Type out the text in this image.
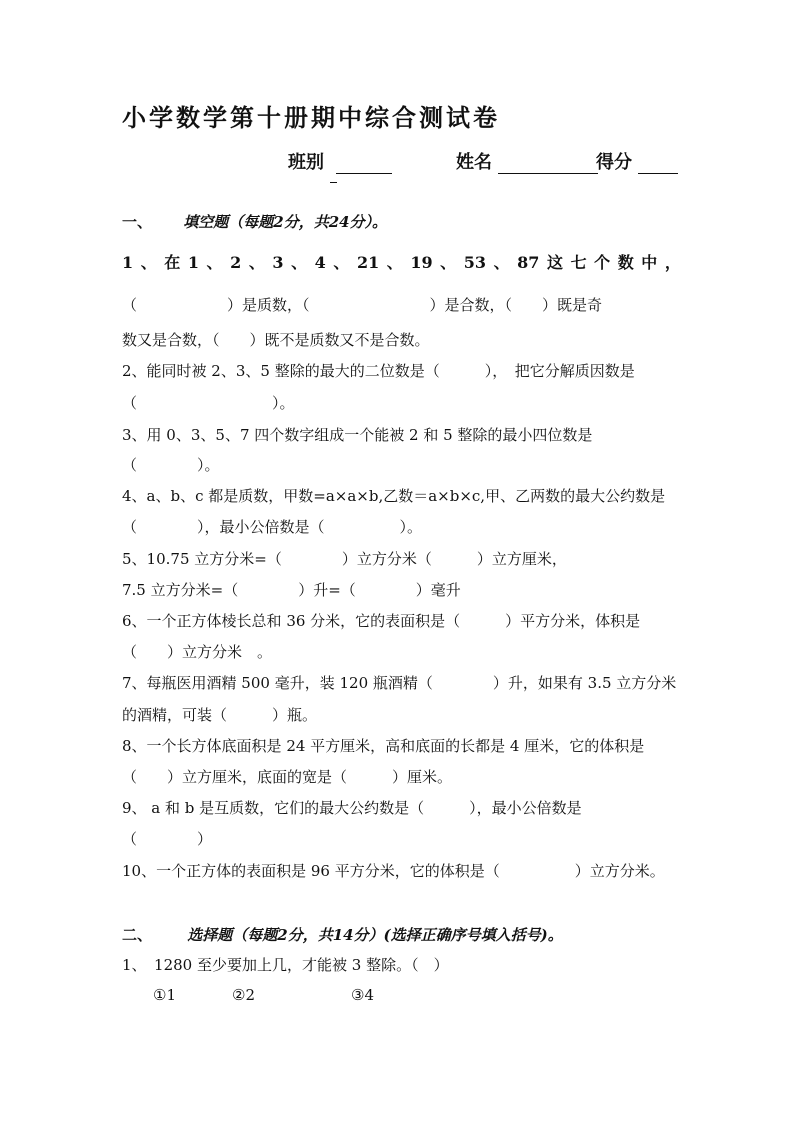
小学数学第十册期中综合测试卷
班别	姓名	得分
一、 填空题（每题2分，共24分）。
1 、 在 1 、 2 、 3 、 4 、 21 、 19 、 53 、 87 这 七 个 数 中 ，
（　　　　　　）是质数，（　　　　　　　　）是合数，（　　）既是奇
数又是合数，（　　）既不是质数又不是合数。
2、能同时被 2、3、5 整除的最大的二位数是（　　　），　把它分解质因数是
（　　　　　　　　　）。
3、用 0、3、5、7 四个数字组成一个能被 2 和 5 整除的最小四位数是
（　　　　）。
4、a、b、c 都是质数，甲数=a×a×b,乙数＝a×b×c,甲、乙两数的最大公约数是
（　　　　），最小公倍数是（　　　　　）。
5、10.75 立方分米=（　　　　）立方分米（　　　）立方厘米，
7.5 立方分米=（　　　　）升=（　　　　）毫升
6、一个正方体棱长总和 36 分米，它的表面积是（　　　）平方分米，体积是
（　　）立方分米　。
7、每瓶医用酒精 500 毫升，装 120 瓶酒精（　　　　）升，如果有 3.5 立方分米
的酒精，可装（　　　）瓶。
8、一个长方体底面积是 24 平方厘米，高和底面的长都是 4 厘米，它的体积是
（　　）立方厘米，底面的宽是（　　　）厘米。
9、 a 和 b 是互质数，它们的最大公约数是（　　　），最小公倍数是
（　　　　）
10、一个正方体的表面积是 96 平方分米，它的体积是（　　　　　）立方分米。
二、 选择题（每题2分，共14分）(选择正确序号填入括号)。
1、　1280 至少要加上几，才能被 3 整除。（　）
①1	②2	③4
